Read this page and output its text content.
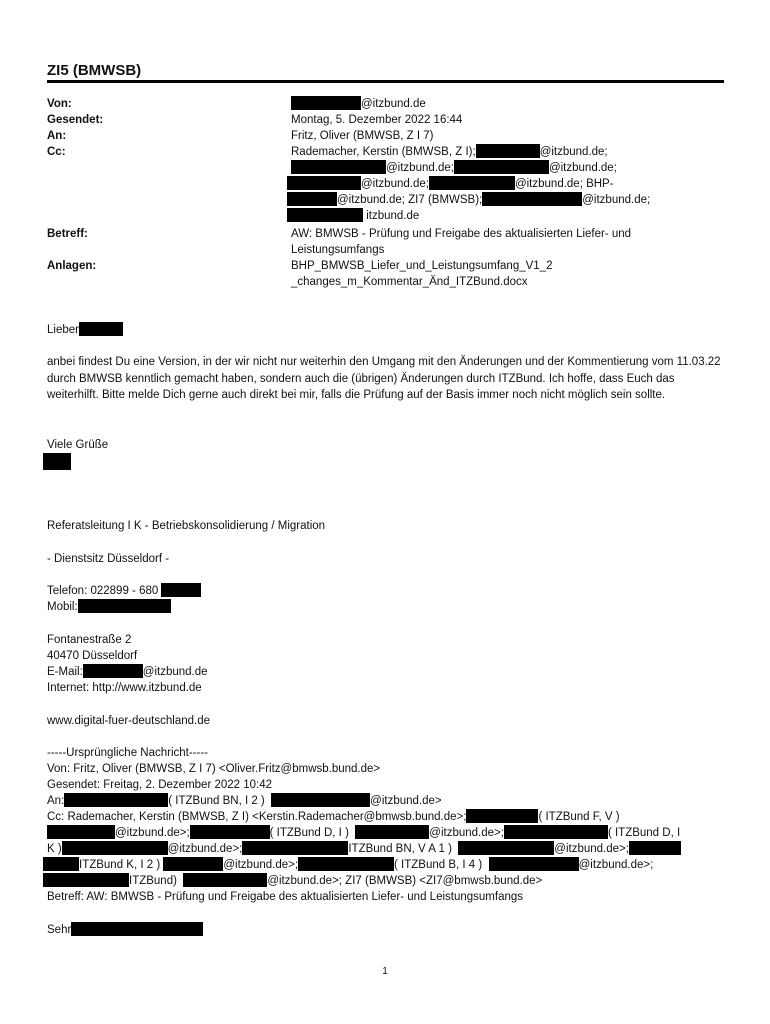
ZI5 (BMWSB)
Von:	@itzbund.de
Gesendet:	Montag, 5. Dezember 2022 16:44
An:	Fritz, Oliver (BMWSB, Z I 7)
Cc:	Rademacher, Kerstin (BMWSB, Z I);	@itzbund.de;
@itzbund.de;	@itzbund.de;
@itzbund.de;	@itzbund.de; BHP-
@itzbund.de; ZI7 (BMWSB);	@itzbund.de;
itzbund.de
Betreff:	AW: BMWSB - Prüfung und Freigabe des aktualisierten Liefer- und
Leistungsumfangs
Anlagen:	BHP_BMWSB_Liefer_und_Leistungsumfang_V1_2
_changes_m_Kommentar_Änd_ITZBund.docx
Lieber
anbei findest Du eine Version, in der wir nicht nur weiterhin den Umgang mit den Änderungen und der Kommentierung vom 11.03.22 durch BMWSB kenntlich gemacht haben, sondern auch die (übrigen) Änderungen durch ITZBund. Ich hoffe, dass Euch das weiterhilft. Bitte melde Dich gerne auch direkt bei mir, falls die Prüfung auf der Basis immer noch nicht möglich sein sollte.
Viele Grüße
Referatsleitung I K - Betriebskonsolidierung / Migration
- Dienstsitz Düsseldorf -
Telefon: 022899 - 680
Mobil:
Fontanestraße 2
40470 Düsseldorf
E-Mail:	@itzbund.de
Internet: http://www.itzbund.de
www.digital-fuer-deutschland.de
-----Ursprüngliche Nachricht-----
Von: Fritz, Oliver (BMWSB, Z I 7) <Oliver.Fritz@bmwsb.bund.de>
Gesendet: Freitag, 2. Dezember 2022 10:42
An:	( ITZBund BN, I 2 )	@itzbund.de>
Cc: Rademacher, Kerstin (BMWSB, Z I) <Kerstin.Rademacher@bmwsb.bund.de>;	( ITZBund F, V )
@itzbund.de>;	( ITZBund D, I )	@itzbund.de>;	( ITZBund D, I
K )	@itzbund.de>;	ITZBund BN, V A 1 )	@itzbund.de>;
ITZBund K, I 2 )	@itzbund.de>;	( ITZBund B, I 4 )	@itzbund.de>;
ITZBund)	@itzbund.de>; ZI7 (BMWSB) <ZI7@bmwsb.bund.de>
Betreff: AW: BMWSB - Prüfung und Freigabe des aktualisierten Liefer- und Leistungsumfangs
Sehr
1
